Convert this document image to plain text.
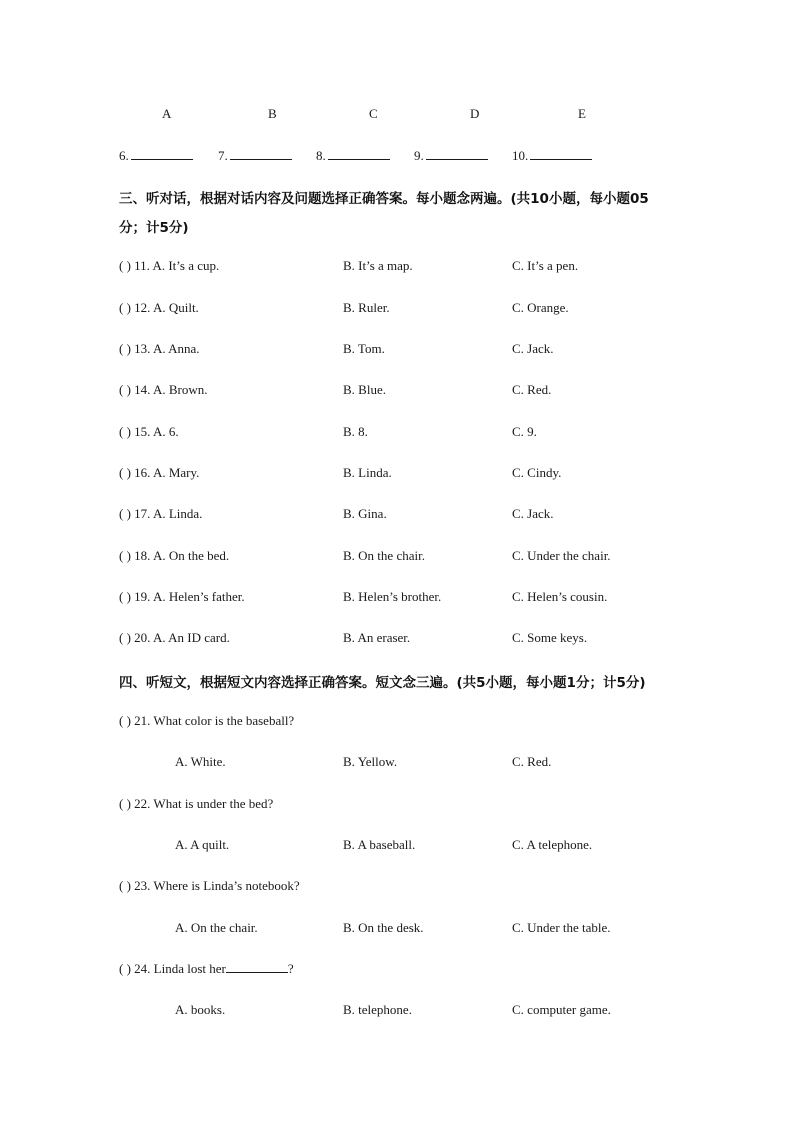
A	B	C	D	E
6.	7.	8.	9.	10.
三、听对话，根据对话内容及问题选择正确答案。每小题念两遍。(共10小题，每小题05
分；计5分)
( ) 11. A. It’s a cup.	B. It’s a map.	C. It’s a pen.
( ) 12. A. Quilt.	B. Ruler.	C. Orange.
( ) 13. A. Anna.	B. Tom.	C. Jack.
( ) 14. A. Brown.	B. Blue.	C. Red.
( ) 15. A. 6.	B. 8.	C. 9.
( ) 16. A. Mary.	B. Linda.	C. Cindy.
( ) 17. A. Linda.	B. Gina.	C. Jack.
( ) 18. A. On the bed.	B. On the chair.	C. Under the chair.
( ) 19. A. Helen’s father.	B. Helen’s brother.	C. Helen’s cousin.
( ) 20. A. An ID card.	B. An eraser.	C. Some keys.
四、听短文，根据短文内容选择正确答案。短文念三遍。(共5小题，每小题1分；计5分)
( ) 21. What color is the baseball?
A. White.	B. Yellow.	C. Red.
( ) 22. What is under the bed?
A. A quilt.	B. A baseball.	C. A telephone.
( ) 23. Where is Linda’s notebook?
A. On the chair.	B. On the desk.	C. Under the table.
( ) 24. Linda lost her	?
A. books.	B. telephone.	C. computer game.
